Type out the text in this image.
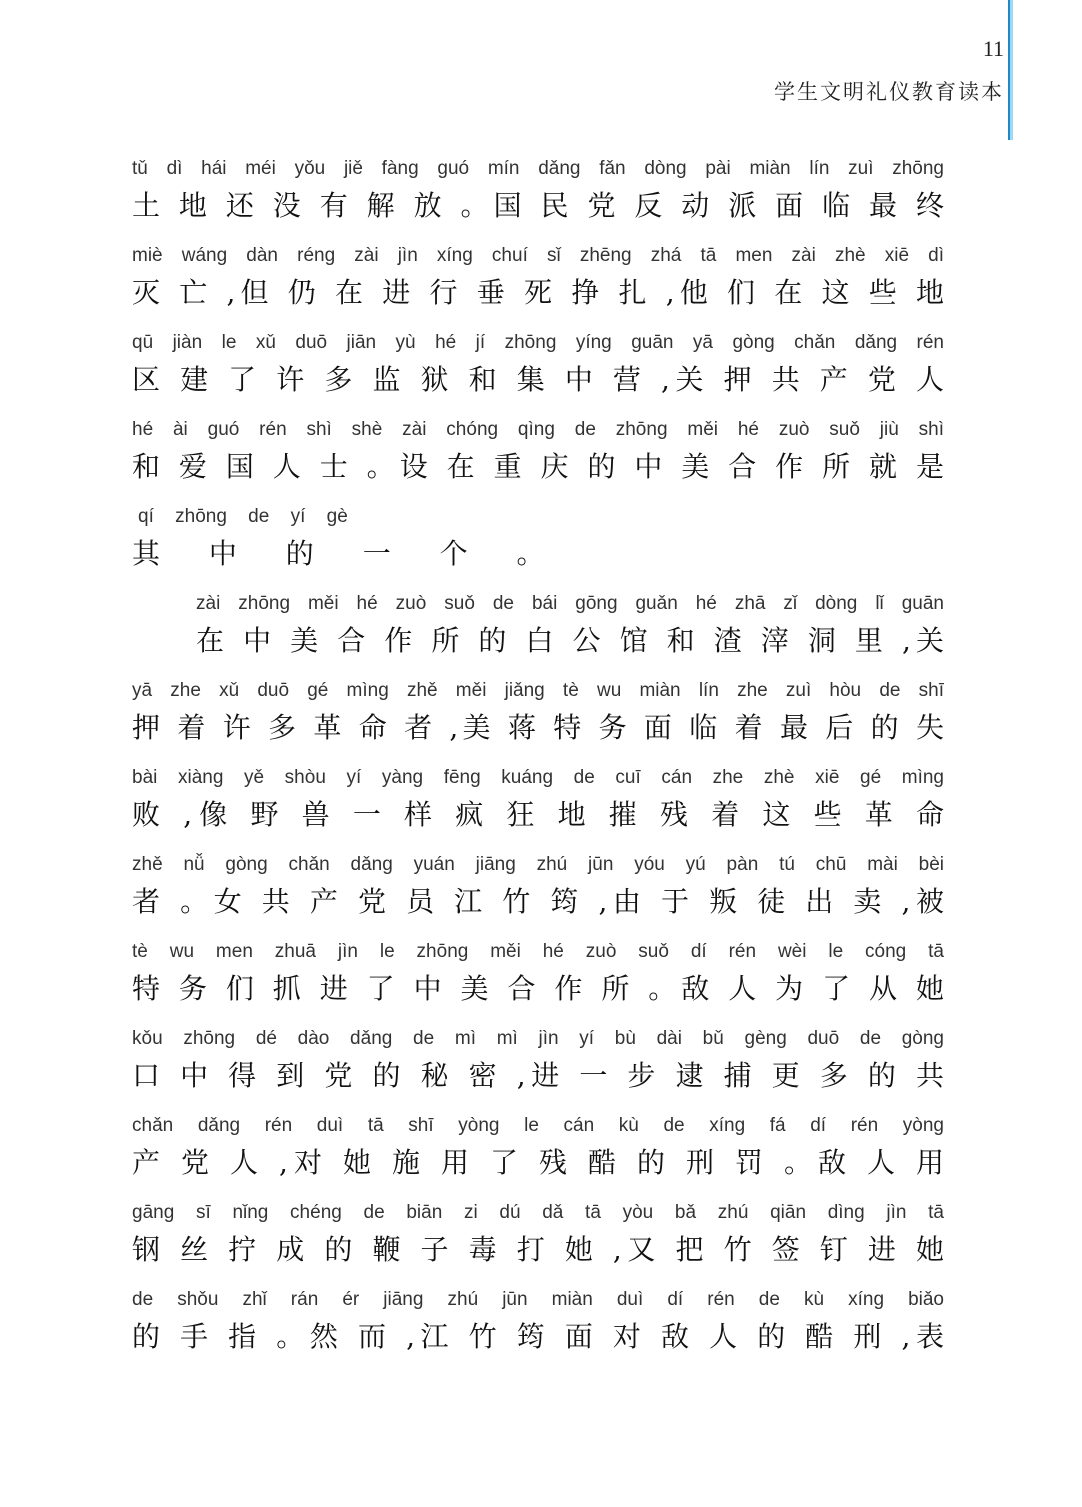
11
学生文明礼仪教育读本
tǔ dì hái méi yǒu jiě fàng guó mín dǎng fǎn dòng pài miàn lín zuì zhōng
土 地 还 没 有 解 放 。国 民 党 反 动 派 面 临 最 终
miè wáng dàn réng zài jìn xíng chuí sǐ zhēng zhá tā men zài zhè xiē dì
灭 亡 ,但 仍 在 进 行 垂 死 挣 扎 ,他 们 在 这 些 地
qū jiàn le xǔ duō jiān yù hé jí zhōng yíng guān yā gòng chǎn dǎng rén
区 建 了 许 多 监 狱 和 集 中 营 ,关 押 共 产 党 人
hé ài guó rén shì shè zài chóng qìng de zhōng měi hé zuò suǒ jiù shì
和 爱 国 人 士 。设 在 重 庆 的 中 美 合 作 所 就 是
qí zhōng de yí gè
其 中 的 一 个 。
zài zhōng měi hé zuò suǒ de bái gōng guǎn hé zhā zǐ dòng lǐ guān
在 中 美 合 作 所 的 白 公 馆 和 渣 滓 洞 里 ,关
yā zhe xǔ duō gé mìng zhě měi jiǎng tè wu miàn lín zhe zuì hòu de shī
押 着 许 多 革 命 者 ,美 蒋 特 务 面 临 着 最 后 的 失
bài xiàng yě shòu yí yàng fēng kuáng de cuī cán zhe zhè xiē gé mìng
败 ,像 野 兽 一 样 疯 狂 地 摧 残 着 这 些 革 命
zhě nǚ gòng chǎn dǎng yuán jiāng zhú jūn yóu yú pàn tú chū mài bèi
者 。女 共 产 党 员 江 竹 筠 ,由 于 叛 徒 出 卖 ,被
tè wu men zhuā jìn le zhōng měi hé zuò suǒ dí rén wèi le cóng tā
特 务 们 抓 进 了 中 美 合 作 所 。敌 人 为 了 从 她
kǒu zhōng dé dào dǎng de mì mì jìn yí bù dài bǔ gèng duō de gòng
口 中 得 到 党 的 秘 密 ,进 一 步 逮 捕 更 多 的 共
chǎn dǎng rén duì tā shī yòng le cán kù de xíng fá dí rén yòng
产 党 人 ,对 她 施 用 了 残 酷 的 刑 罚 。敌 人 用
gāng sī nǐng chéng de biān zi dú dǎ tā yòu bǎ zhú qiān dìng jìn tā
钢 丝 拧 成 的 鞭 子 毒 打 她 ,又 把 竹 签 钉 进 她
de shǒu zhǐ rán ér jiāng zhú jūn miàn duì dí rén de kù xíng biǎo
的 手 指 。然 而 ,江 竹 筠 面 对 敌 人 的 酷 刑 ,表
